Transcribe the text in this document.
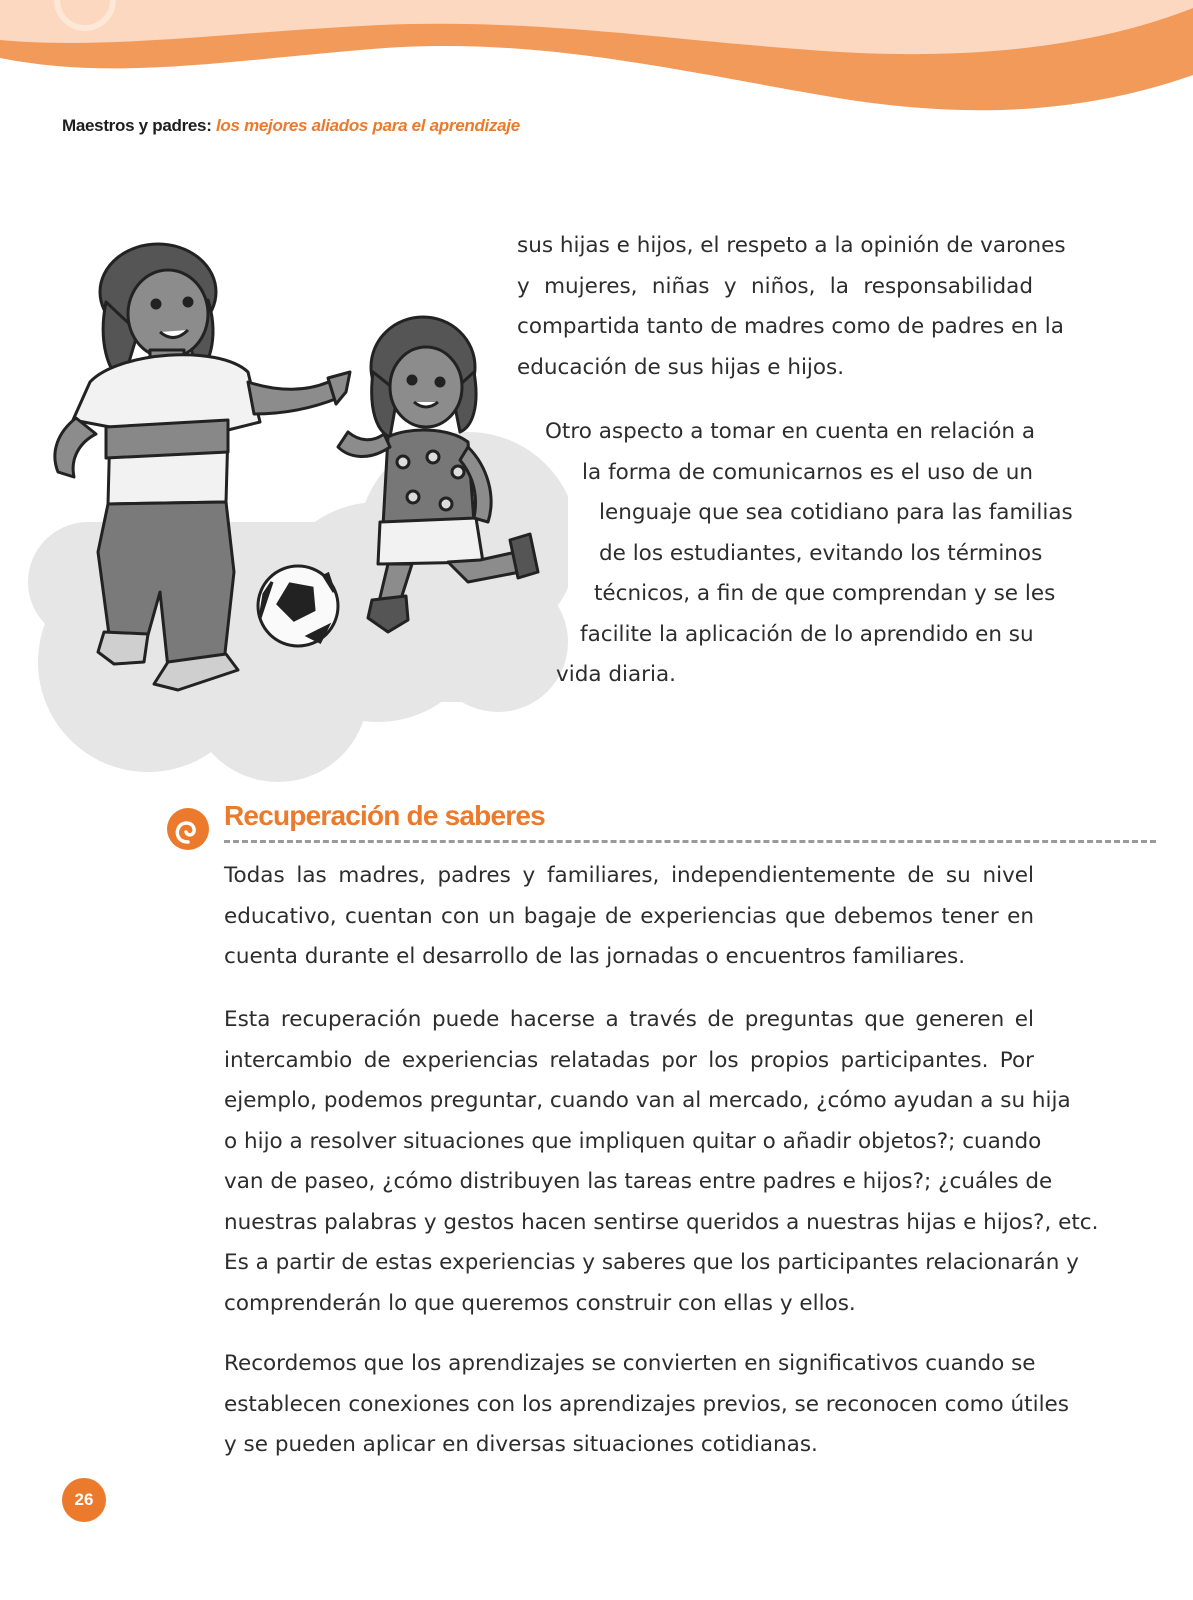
Maestros y padres: los mejores aliados para el aprendizaje
sus hijas e hijos, el respeto a la opinión de varones
y mujeres, niñas y niños, la responsabilidad
compartida tanto de madres como de padres en la
educación de sus hijas e hijos.
Otro aspecto a tomar en cuenta en relación a
la forma de comunicarnos es el uso de un
lenguaje que sea cotidiano para las familias
de los estudiantes, evitando los términos
técnicos, a fin de que comprendan y se les
facilite la aplicación de lo aprendido en su
vida diaria.
Recuperación de saberes
Todas las madres, padres y familiares, independientemente de su nivel
educativo, cuentan con un bagaje de experiencias que debemos tener en
cuenta durante el desarrollo de las jornadas o encuentros familiares.
Esta recuperación puede hacerse a través de preguntas que generen el
intercambio de experiencias relatadas por los propios participantes. Por
ejemplo, podemos preguntar, cuando van al mercado, ¿cómo ayudan a su hija
o hijo a resolver situaciones que impliquen quitar o añadir objetos?; cuando
van de paseo, ¿cómo distribuyen las tareas entre padres e hijos?; ¿cuáles de
nuestras palabras y gestos hacen sentirse queridos a nuestras hijas e hijos?, etc.
Es a partir de estas experiencias y saberes que los participantes relacionarán y
comprenderán lo que queremos construir con ellas y ellos.
Recordemos que los aprendizajes se convierten en significativos cuando se
establecen conexiones con los aprendizajes previos, se reconocen como útiles
y se pueden aplicar en diversas situaciones cotidianas.
26
